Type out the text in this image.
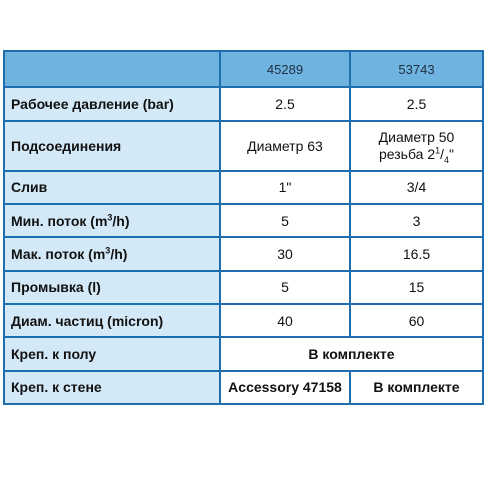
	45289	53743
Рабочее давление (bar)	2.5	2.5
Подсоединения	Диаметр 63	Диаметр 50
резьба $2^1/_4$"
Слив	1"	3/4
Мин. поток $(m^3/h)$	5	3
Мак. поток $(m^3/h)$	30	16.5
Промывка (l)	5	15
Диам. частиц (micron)	40	60
Креп. к полу	В комплекте	
Креп. к стене	Accessory 47158	В комплекте
